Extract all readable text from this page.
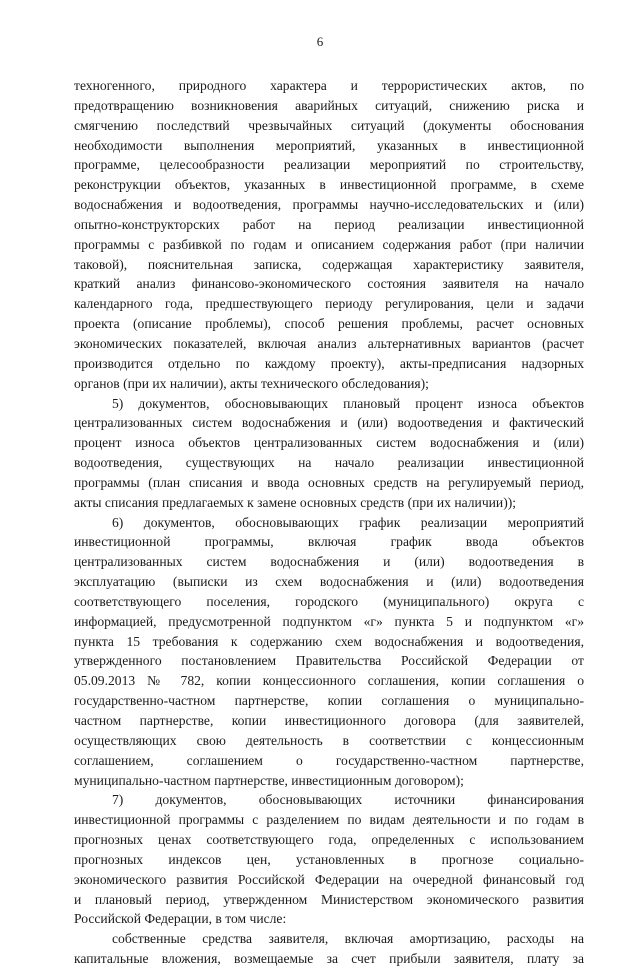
6
техногенного, природного характера и террористических актов, по
предотвращению возникновения аварийных ситуаций, снижению риска и
смягчению последствий чрезвычайных ситуаций (документы обоснования
необходимости выполнения мероприятий, указанных в инвестиционной
программе, целесообразности реализации мероприятий по строительству,
реконструкции объектов, указанных в инвестиционной программе, в схеме
водоснабжения и водоотведения, программы научно-исследовательских и (или)
опытно-конструкторских работ на период реализации инвестиционной
программы с разбивкой по годам и описанием содержания работ (при наличии
таковой), пояснительная записка, содержащая характеристику заявителя,
краткий анализ финансово-экономического состояния заявителя на начало
календарного года, предшествующего периоду регулирования, цели и задачи
проекта (описание проблемы), способ решения проблемы, расчет основных
экономических показателей, включая анализ альтернативных вариантов (расчет
производится отдельно по каждому проекту), акты-предписания надзорных
органов (при их наличии), акты технического обследования);
5) документов, обосновывающих плановый процент износа объектов
централизованных систем водоснабжения и (или) водоотведения и фактический
процент износа объектов централизованных систем водоснабжения и (или)
водоотведения, существующих на начало реализации инвестиционной
программы (план списания и ввода основных средств на регулируемый период,
акты списания предлагаемых к замене основных средств (при их наличии));
6) документов, обосновывающих график реализации мероприятий
инвестиционной программы, включая график ввода объектов
централизованных систем водоснабжения и (или) водоотведения в
эксплуатацию (выписки из схем водоснабжения и (или) водоотведения
соответствующего поселения, городского (муниципального) округа с
информацией, предусмотренной подпунктом «г» пункта 5 и подпунктом «г»
пункта 15 требования к содержанию схем водоснабжения и водоотведения,
утвержденного постановлением Правительства Российской Федерации от
05.09.2013 № 782, копии концессионного соглашения, копии соглашения о
государственно-частном партнерстве, копии соглашения о муниципально-
частном партнерстве, копии инвестиционного договора (для заявителей,
осуществляющих свою деятельность в соответствии с концессионным
соглашением, соглашением о государственно-частном партнерстве,
муниципально-частном партнерстве, инвестиционным договором);
7) документов, обосновывающих источники финансирования
инвестиционной программы с разделением по видам деятельности и по годам в
прогнозных ценах соответствующего года, определенных с использованием
прогнозных индексов цен, установленных в прогнозе социально-
экономического развития Российской Федерации на очередной финансовый год
и плановый период, утвержденном Министерством экономического развития
Российской Федерации, в том числе:
собственные средства заявителя, включая амортизацию, расходы на
капитальные вложения, возмещаемые за счет прибыли заявителя, плату за
